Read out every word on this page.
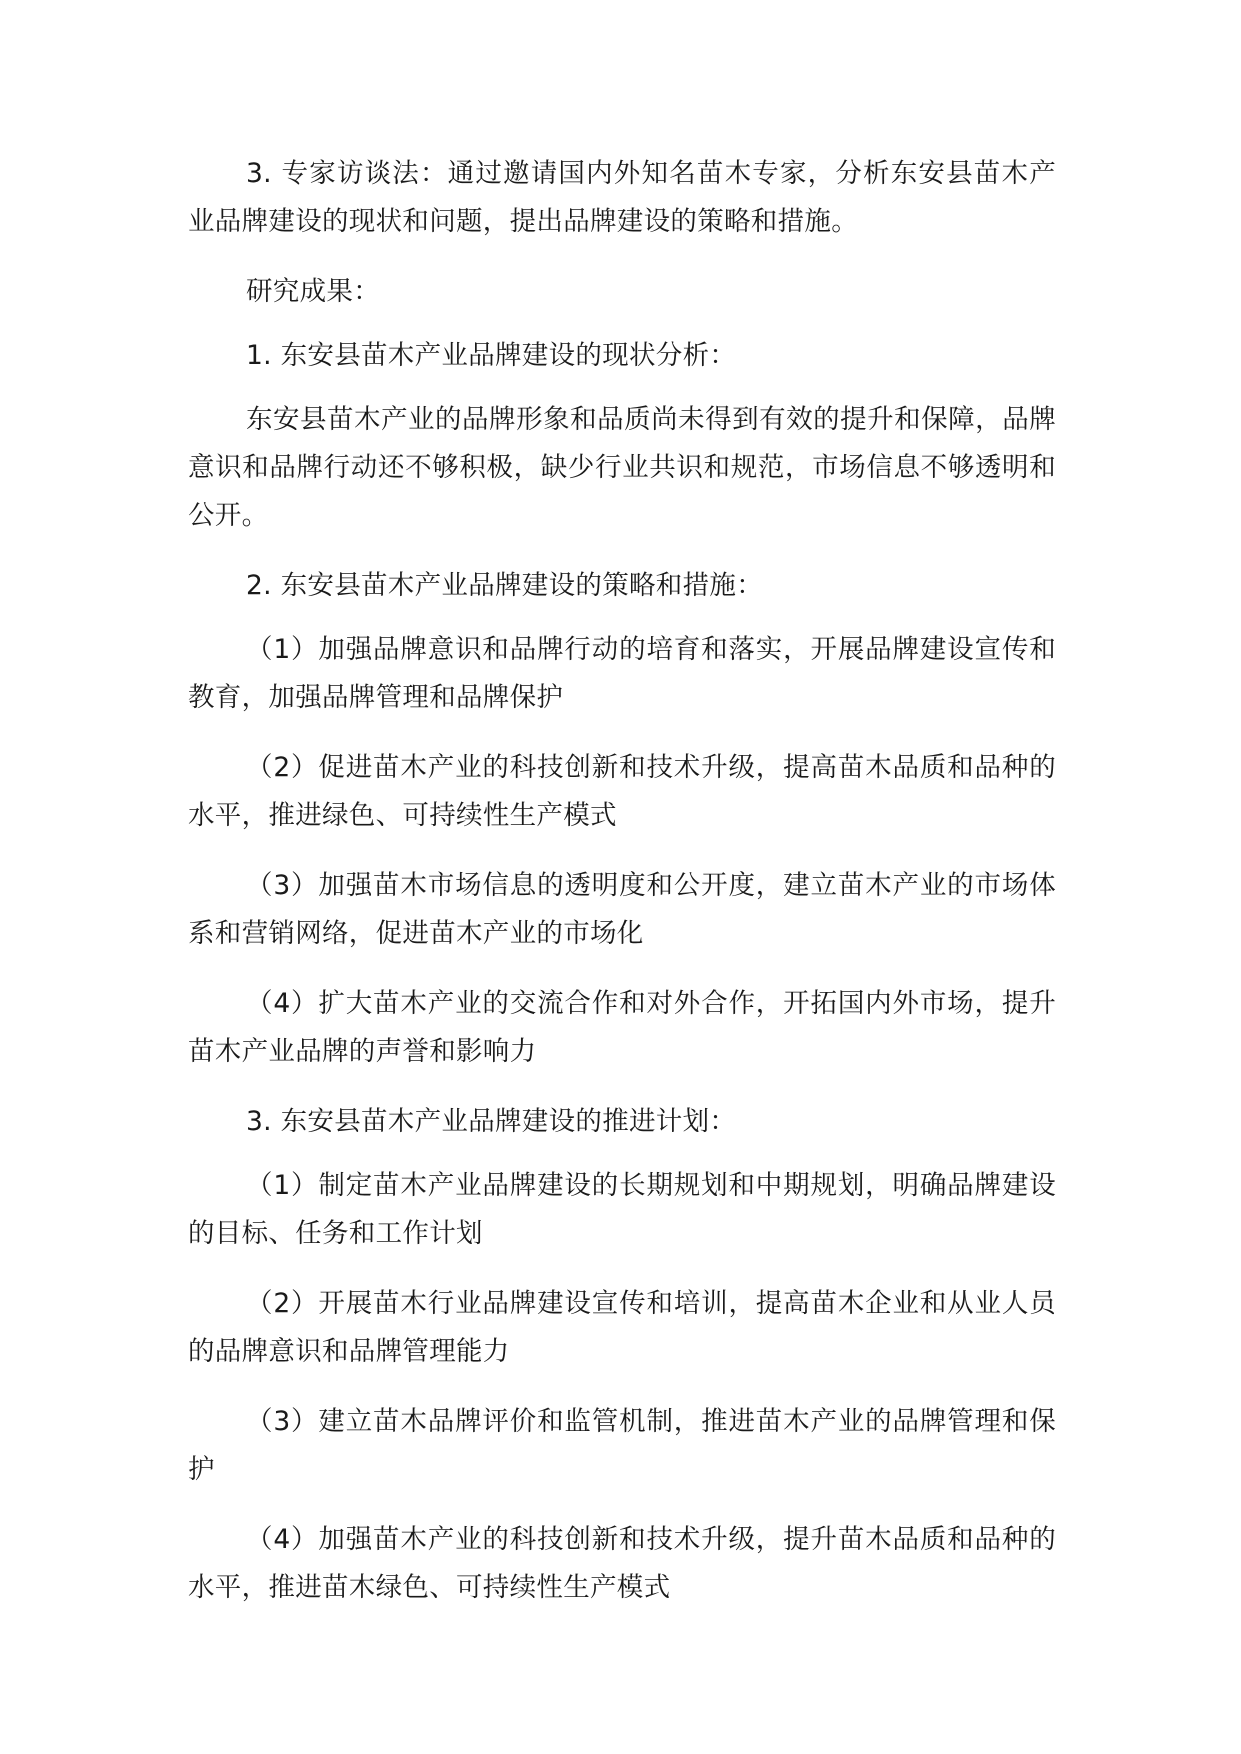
3. 专家访谈法：通过邀请国内外知名苗木专家，分析东安县苗木产业品牌建设的现状和问题，提出品牌建设的策略和措施。

研究成果：

1. 东安县苗木产业品牌建设的现状分析：

东安县苗木产业的品牌形象和品质尚未得到有效的提升和保障，品牌意识和品牌行动还不够积极，缺少行业共识和规范，市场信息不够透明和公开。

2. 东安县苗木产业品牌建设的策略和措施：

（1）加强品牌意识和品牌行动的培育和落实，开展品牌建设宣传和教育，加强品牌管理和品牌保护

（2）促进苗木产业的科技创新和技术升级，提高苗木品质和品种的水平，推进绿色、可持续性生产模式

（3）加强苗木市场信息的透明度和公开度，建立苗木产业的市场体系和营销网络，促进苗木产业的市场化

（4）扩大苗木产业的交流合作和对外合作，开拓国内外市场，提升苗木产业品牌的声誉和影响力

3. 东安县苗木产业品牌建设的推进计划：

（1）制定苗木产业品牌建设的长期规划和中期规划，明确品牌建设的目标、任务和工作计划

（2）开展苗木行业品牌建设宣传和培训，提高苗木企业和从业人员的品牌意识和品牌管理能力

（3）建立苗木品牌评价和监管机制，推进苗木产业的品牌管理和保护

（4）加强苗木产业的科技创新和技术升级，提升苗木品质和品种的水平，推进苗木绿色、可持续性生产模式
